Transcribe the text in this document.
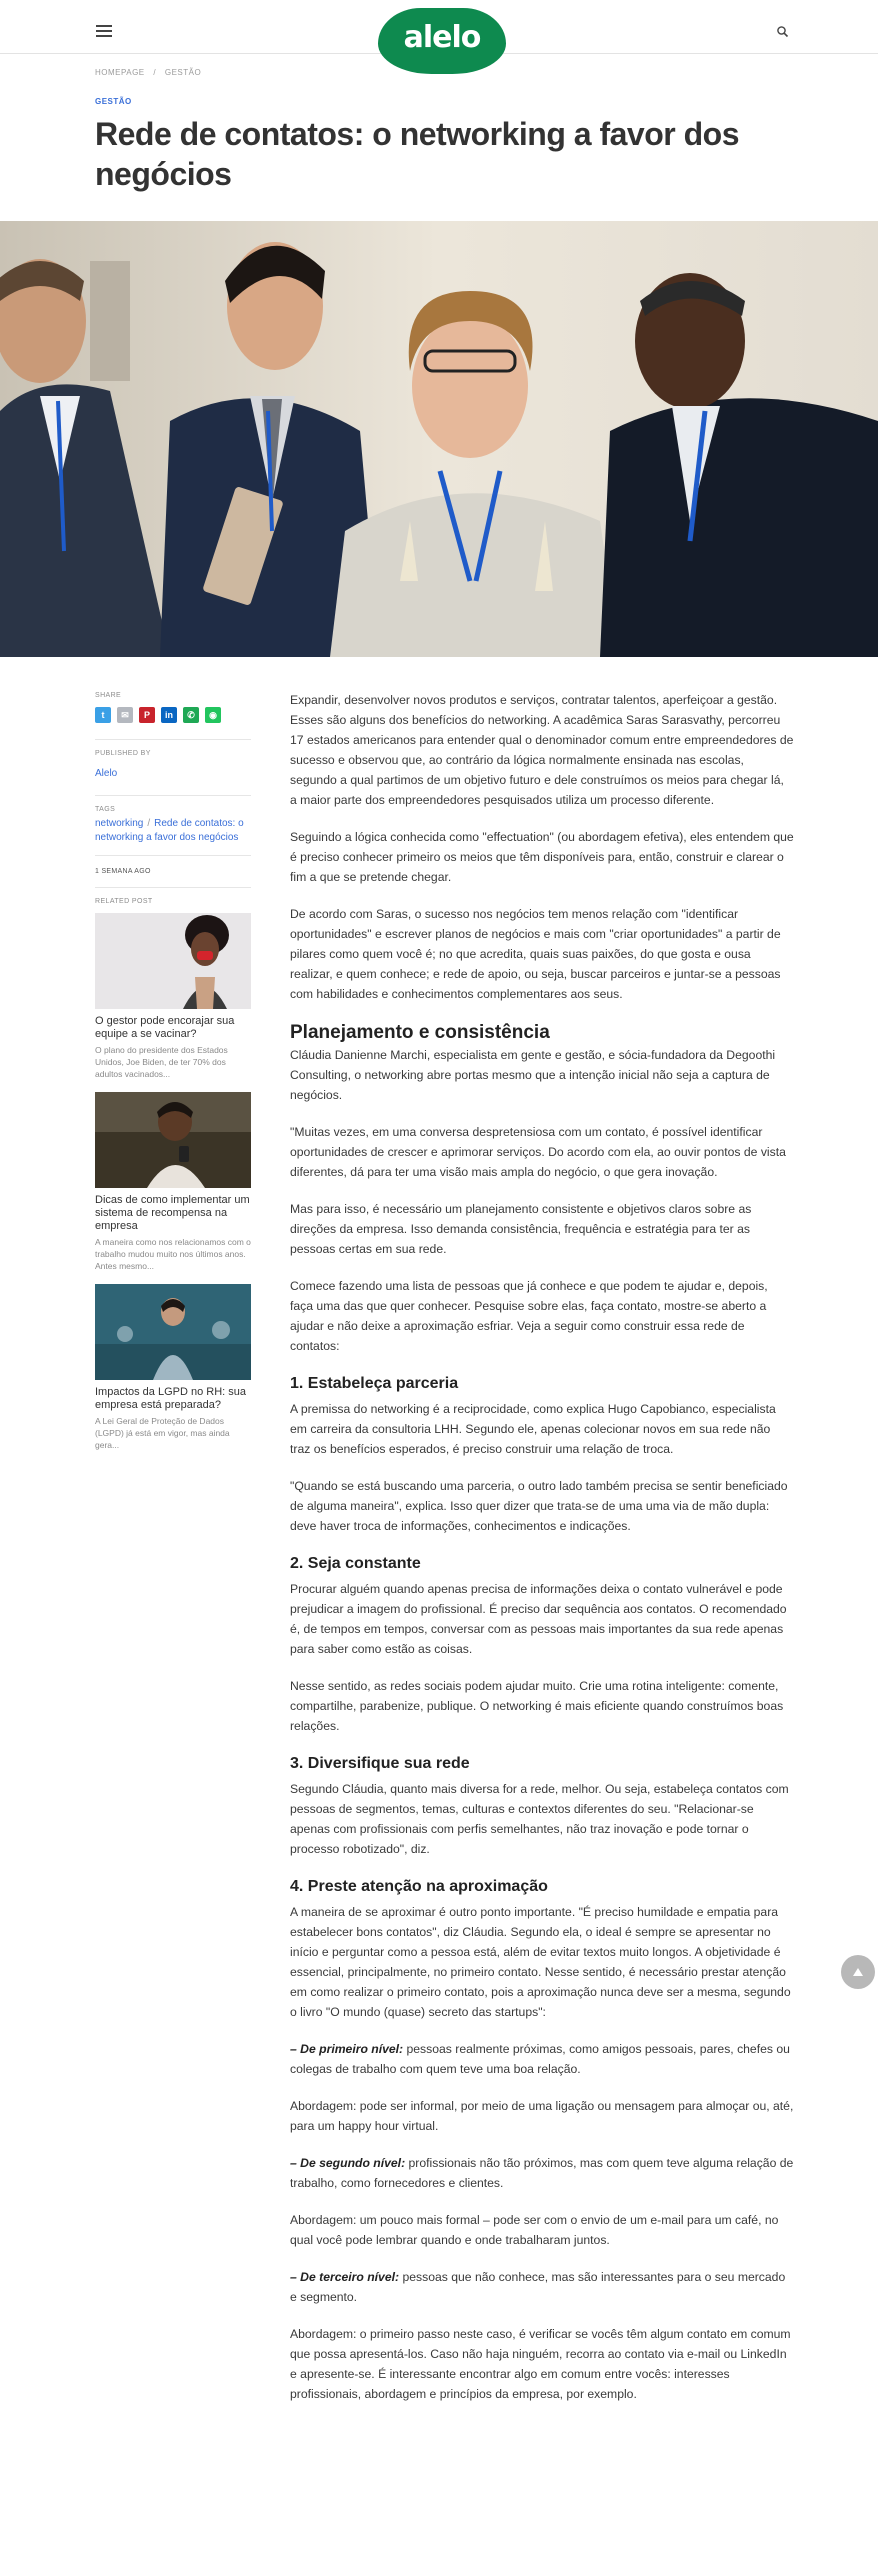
alelo
HOMEPAGE / GESTÃO
GESTÃO
Rede de contatos: o networking a favor dos negócios
SHARE
t	✉	P	in	✆	◉
PUBLISHED BY
Alelo
TAGS
networking / Rede de contatos: o networking a favor dos negócios
1 SEMANA AGO
RELATED POST
O gestor pode encorajar sua equipe a se vacinar?
O plano do presidente dos Estados Unidos, Joe Biden, de ter 70% dos adultos vacinados...
Dicas de como implementar um sistema de recompensa na empresa
A maneira como nos relacionamos com o trabalho mudou muito nos últimos anos. Antes mesmo...
Impactos da LGPD no RH: sua empresa está preparada?
A Lei Geral de Proteção de Dados (LGPD) já está em vigor, mas ainda gera...

Expandir, desenvolver novos produtos e serviços, contratar talentos, aperfeiçoar a gestão. Esses são alguns dos benefícios do networking. A acadêmica Saras Sarasvathy, percorreu 17 estados americanos para entender qual o denominador comum entre empreendedores de sucesso e observou que, ao contrário da lógica normalmente ensinada nas escolas, segundo a qual partimos de um objetivo futuro e dele construímos os meios para chegar lá, a maior parte dos empreendedores pesquisados utiliza um processo diferente.

Seguindo a lógica conhecida como "effectuation" (ou abordagem efetiva), eles entendem que é preciso conhecer primeiro os meios que têm disponíveis para, então, construir e clarear o fim a que se pretende chegar.

De acordo com Saras, o sucesso nos negócios tem menos relação com "identificar oportunidades" e escrever planos de negócios e mais com "criar oportunidades" a partir de pilares como quem você é; no que acredita, quais suas paixões, do que gosta e ousa realizar, e quem conhece; e rede de apoio, ou seja, buscar parceiros e juntar-se a pessoas com habilidades e conhecimentos complementares aos seus.

Planejamento e consistência

Cláudia Danienne Marchi, especialista em gente e gestão, e sócia-fundadora da Degoothi Consulting, o networking abre portas mesmo que a intenção inicial não seja a captura de negócios.

"Muitas vezes, em uma conversa despretensiosa com um contato, é possível identificar oportunidades de crescer e aprimorar serviços. Do acordo com ela, ao ouvir pontos de vista diferentes, dá para ter uma visão mais ampla do negócio, o que gera inovação.

Mas para isso, é necessário um planejamento consistente e objetivos claros sobre as direções da empresa. Isso demanda consistência, frequência e estratégia para ter as pessoas certas em sua rede.

Comece fazendo uma lista de pessoas que já conhece e que podem te ajudar e, depois, faça uma das que quer conhecer. Pesquise sobre elas, faça contato, mostre-se aberto a ajudar e não deixe a aproximação esfriar. Veja a seguir como construir essa rede de contatos:

1. Estabeleça parceria

A premissa do networking é a reciprocidade, como explica Hugo Capobianco, especialista em carreira da consultoria LHH. Segundo ele, apenas colecionar novos em sua rede não traz os benefícios esperados, é preciso construir uma relação de troca.

"Quando se está buscando uma parceria, o outro lado também precisa se sentir beneficiado de alguma maneira", explica. Isso quer dizer que trata-se de uma uma via de mão dupla: deve haver troca de informações, conhecimentos e indicações.

2. Seja constante

Procurar alguém quando apenas precisa de informações deixa o contato vulnerável e pode prejudicar a imagem do profissional. É preciso dar sequência aos contatos. O recomendado é, de tempos em tempos, conversar com as pessoas mais importantes da sua rede apenas para saber como estão as coisas.

Nesse sentido, as redes sociais podem ajudar muito. Crie uma rotina inteligente: comente, compartilhe, parabenize, publique. O networking é mais eficiente quando construímos boas relações.

3. Diversifique sua rede

Segundo Cláudia, quanto mais diversa for a rede, melhor. Ou seja, estabeleça contatos com pessoas de segmentos, temas, culturas e contextos diferentes do seu. "Relacionar-se apenas com profissionais com perfis semelhantes, não traz inovação e pode tornar o processo robotizado", diz.

4. Preste atenção na aproximação

A maneira de se aproximar é outro ponto importante. "É preciso humildade e empatia para estabelecer bons contatos", diz Cláudia. Segundo ela, o ideal é sempre se apresentar no início e perguntar como a pessoa está, além de evitar textos muito longos. A objetividade é essencial, principalmente, no primeiro contato. Nesse sentido, é necessário prestar atenção em como realizar o primeiro contato, pois a aproximação nunca deve ser a mesma, segundo o livro "O mundo (quase) secreto das startups":

– De primeiro nível: pessoas realmente próximas, como amigos pessoais, pares, chefes ou colegas de trabalho com quem teve uma boa relação.

Abordagem: pode ser informal, por meio de uma ligação ou mensagem para almoçar ou, até, para um happy hour virtual.

– De segundo nível: profissionais não tão próximos, mas com quem teve alguma relação de trabalho, como fornecedores e clientes.

Abordagem: um pouco mais formal – pode ser com o envio de um e-mail para um café, no qual você pode lembrar quando e onde trabalharam juntos.

– De terceiro nível: pessoas que não conhece, mas são interessantes para o seu mercado e segmento.

Abordagem: o primeiro passo neste caso, é verificar se vocês têm algum contato em comum que possa apresentá-los. Caso não haja ninguém, recorra ao contato via e-mail ou LinkedIn e apresente-se. É interessante encontrar algo em comum entre vocês: interesses profissionais, abordagem e princípios da empresa, por exemplo.
